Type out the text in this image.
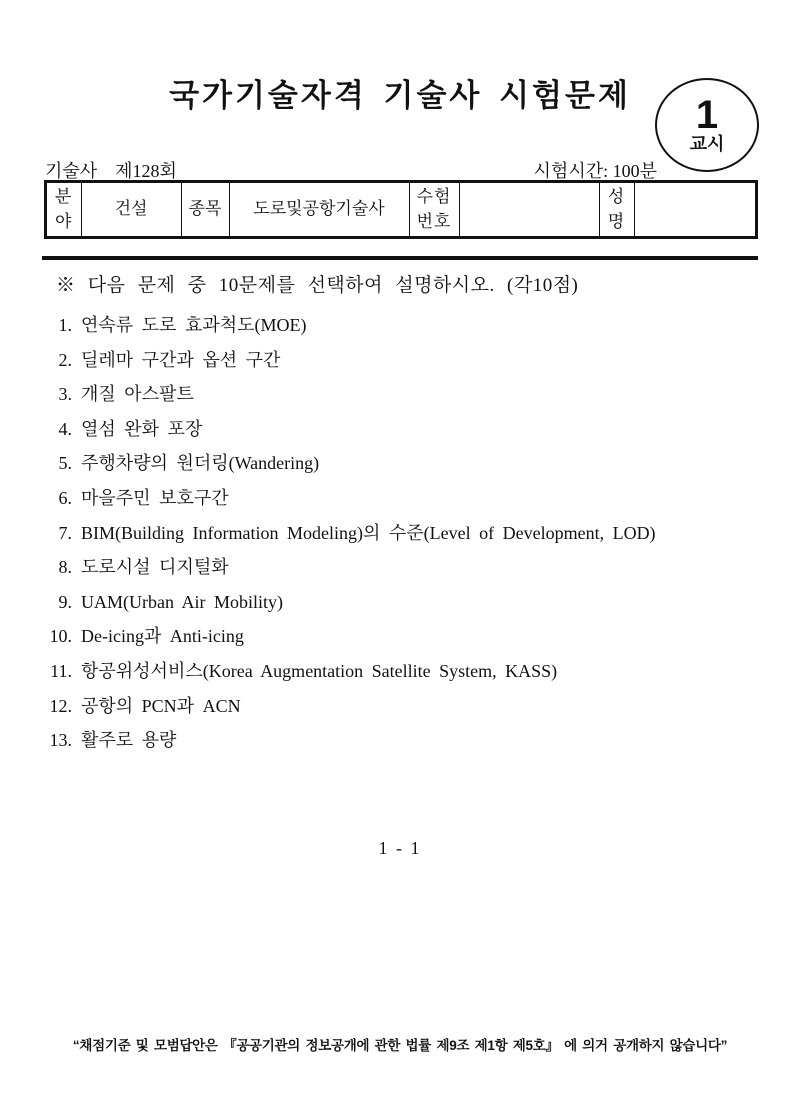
국가기술자격 기술사 시험문제	1
교시
기술사 제128회	시험시간: 100분
분야	건설	종목	도로및공항기술사	수험번호		성명	
※ 다음 문제 중 10문제를 선택하여 설명하시오. (각10점)
1. 연속류 도로 효과척도(MOE)
2. 딜레마 구간과 옵션 구간
3. 개질 아스팔트
4. 열섬 완화 포장
5. 주행차량의 원더링(Wandering)
6. 마을주민 보호구간
7. BIM(Building Information Modeling)의 수준(Level of Development, LOD)
8. 도로시설 디지털화
9. UAM(Urban Air Mobility)
10. De-icing과 Anti-icing
11. 항공위성서비스(Korea Augmentation Satellite System, KASS)
12. 공항의 PCN과 ACN
13. 활주로 용량
1 - 1
“채점기준 및 모범답안은 『공공기관의 정보공개에 관한 법률 제9조 제1항 제5호』 에 의거 공개하지 않습니다”
